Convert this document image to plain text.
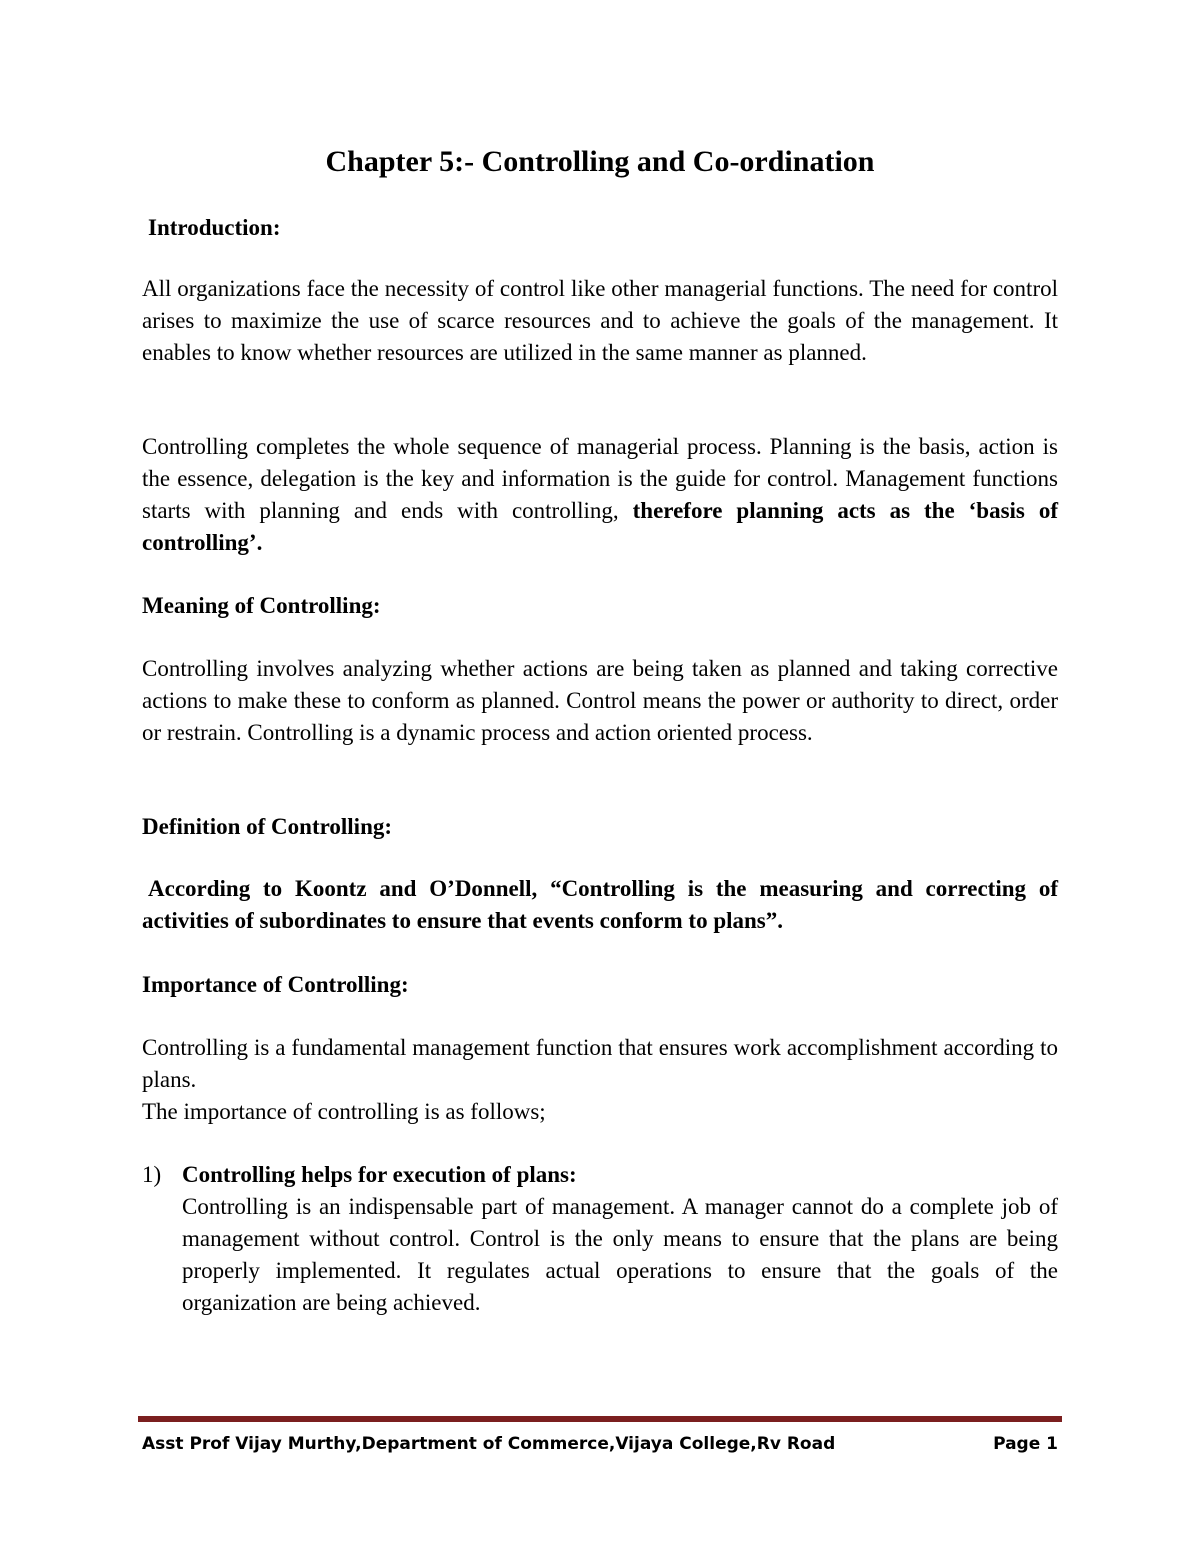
Chapter 5:- Controlling and Co-ordination
Introduction:
All organizations face the necessity of control like other managerial functions. The need for control arises to maximize the use of scarce resources and to achieve the goals of the management. It enables to know whether resources are utilized in the same manner as planned.
Controlling completes the whole sequence of managerial process. Planning is the basis, action is the essence, delegation is the key and information is the guide for control. Management functions starts with planning and ends with controlling, therefore planning acts as the ‘basis of controlling’.
Meaning of Controlling:
Controlling involves analyzing whether actions are being taken as planned and taking corrective actions to make these to conform as planned. Control means the power or authority to direct, order or restrain. Controlling is a dynamic process and action oriented process.
Definition of Controlling:
According to Koontz and O’Donnell, “Controlling is the measuring and correcting of activities of subordinates to ensure that events conform to plans”.
Importance of Controlling:
Controlling is a fundamental management function that ensures work accomplishment according to plans.
The importance of controlling is as follows;
1) Controlling helps for execution of plans:
Controlling is an indispensable part of management. A manager cannot do a complete job of management without control. Control is the only means to ensure that the plans are being properly implemented. It regulates actual operations to ensure that the goals of the organization are being achieved.
Asst Prof Vijay Murthy,Department of Commerce,Vijaya College,Rv Road	Page 1
